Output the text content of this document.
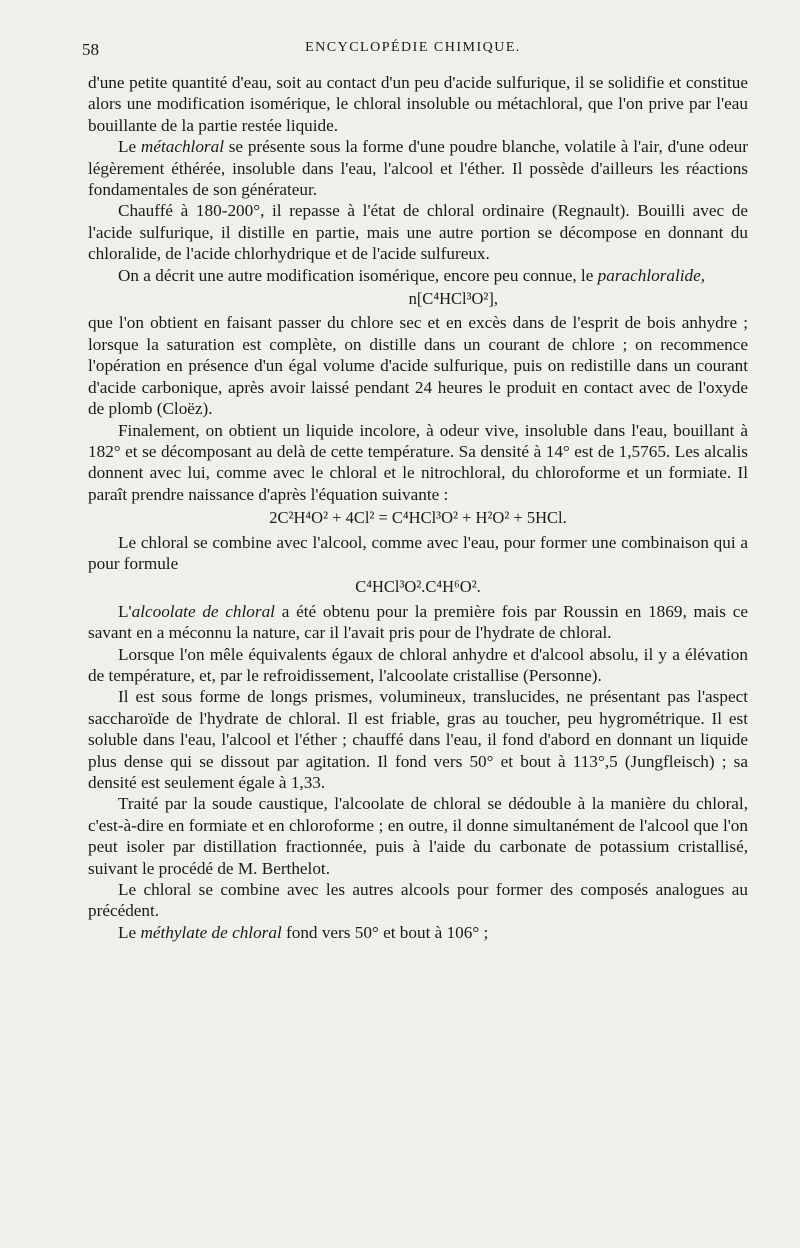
58	ENCYCLOPÉDIE CHIMIQUE.

d'une petite quantité d'eau, soit au contact d'un peu d'acide sulfurique, il se solidifie et constitue alors une modification isomérique, le chloral insoluble ou métachloral, que l'on prive par l'eau bouillante de la partie restée liquide.

Le métachloral se présente sous la forme d'une poudre blanche, volatile à l'air, d'une odeur légèrement éthérée, insoluble dans l'eau, l'alcool et l'éther. Il possède d'ailleurs les réactions fondamentales de son générateur.

Chauffé à 180-200°, il repasse à l'état de chloral ordinaire (Regnault). Bouilli avec de l'acide sulfurique, il distille en partie, mais une autre portion se décompose en donnant du chloralide, de l'acide chlorhydrique et de l'acide sulfureux.

On a décrit une autre modification isomérique, encore peu connue, le parachloralide,

n[C⁴HCl³O²],

que l'on obtient en faisant passer du chlore sec et en excès dans de l'esprit de bois anhydre ; lorsque la saturation est complète, on distille dans un courant de chlore ; on recommence l'opération en présence d'un égal volume d'acide sulfurique, puis on redistille dans un courant d'acide carbonique, après avoir laissé pendant 24 heures le produit en contact avec de l'oxyde de plomb (Cloëz).

Finalement, on obtient un liquide incolore, à odeur vive, insoluble dans l'eau, bouillant à 182° et se décomposant au delà de cette température. Sa densité à 14° est de 1,5765. Les alcalis donnent avec lui, comme avec le chloral et le nitrochloral, du chloroforme et un formiate. Il paraît prendre naissance d'après l'équation suivante :

2C²H⁴O² + 4Cl² = C⁴HCl³O² + H²O² + 5HCl.

Le chloral se combine avec l'alcool, comme avec l'eau, pour former une combinaison qui a pour formule

C⁴HCl³O².C⁴H⁶O².

L'alcoolate de chloral a été obtenu pour la première fois par Roussin en 1869, mais ce savant en a méconnu la nature, car il l'avait pris pour de l'hydrate de chloral.

Lorsque l'on mêle équivalents égaux de chloral anhydre et d'alcool absolu, il y a élévation de température, et, par le refroidissement, l'alcoolate cristallise (Personne).

Il est sous forme de longs prismes, volumineux, translucides, ne présentant pas l'aspect saccharoïde de l'hydrate de chloral. Il est friable, gras au toucher, peu hygrométrique. Il est soluble dans l'eau, l'alcool et l'éther ; chauffé dans l'eau, il fond d'abord en donnant un liquide plus dense qui se dissout par agitation. Il fond vers 50° et bout à 113°,5 (Jungfleisch) ; sa densité est seulement égale à 1,33.

Traité par la soude caustique, l'alcoolate de chloral se dédouble à la manière du chloral, c'est-à-dire en formiate et en chloroforme ; en outre, il donne simultanément de l'alcool que l'on peut isoler par distillation fractionnée, puis à l'aide du carbonate de potassium cristallisé, suivant le procédé de M. Berthelot.

Le chloral se combine avec les autres alcools pour former des composés analogues au précédent.

Le méthylate de chloral fond vers 50° et bout à 106° ;
